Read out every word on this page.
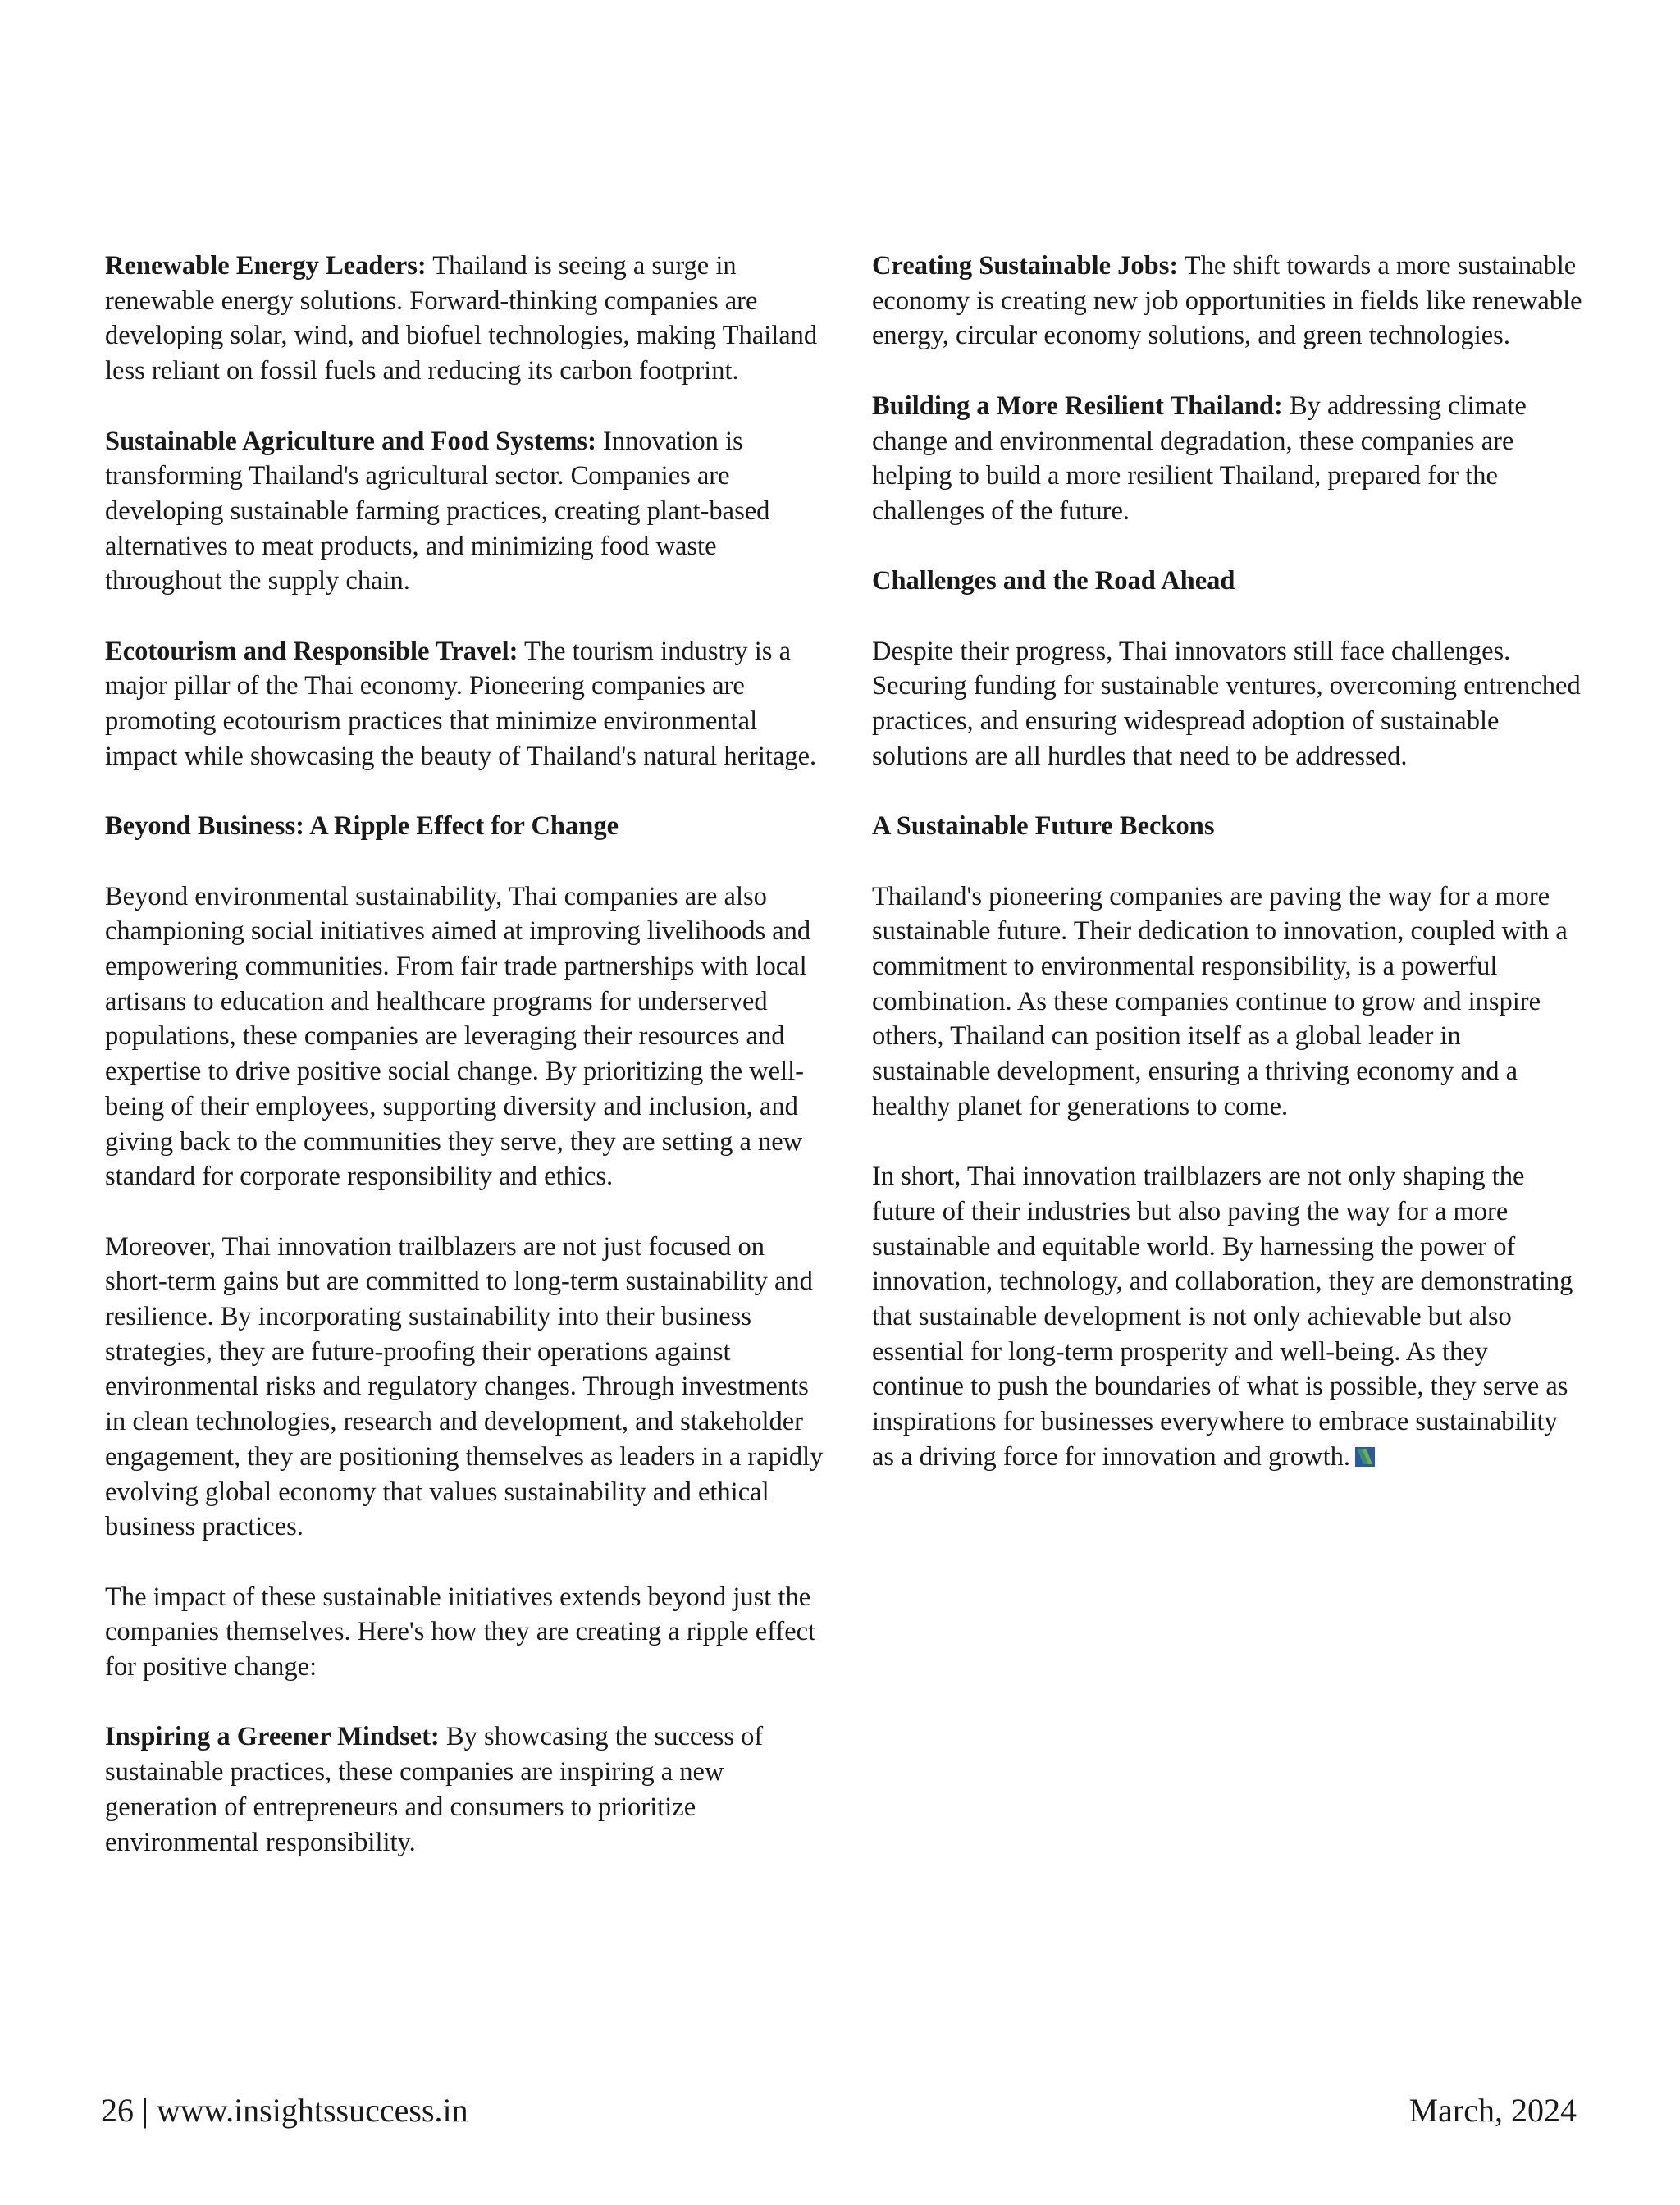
Renewable Energy Leaders: Thailand is seeing a surge in renewable energy solutions. Forward-thinking companies are developing solar, wind, and biofuel technologies, making Thailand less reliant on fossil fuels and reducing its carbon footprint.

Sustainable Agriculture and Food Systems: Innovation is transforming Thailand's agricultural sector. Companies are developing sustainable farming practices, creating plant-based alternatives to meat products, and minimizing food waste throughout the supply chain.

Ecotourism and Responsible Travel: The tourism industry is a major pillar of the Thai economy. Pioneering companies are promoting ecotourism practices that minimize environmental impact while showcasing the beauty of Thailand's natural heritage.

Beyond Business: A Ripple Effect for Change

Beyond environmental sustainability, Thai companies are also championing social initiatives aimed at improving livelihoods and empowering communities. From fair trade partnerships with local artisans to education and healthcare programs for underserved populations, these companies are leveraging their resources and expertise to drive positive social change. By prioritizing the well-being of their employees, supporting diversity and inclusion, and giving back to the communities they serve, they are setting a new standard for corporate responsibility and ethics.

Moreover, Thai innovation trailblazers are not just focused on short-term gains but are committed to long-term sustainability and resilience. By incorporating sustainability into their business strategies, they are future-proofing their operations against environmental risks and regulatory changes. Through investments in clean technologies, research and development, and stakeholder engagement, they are positioning themselves as leaders in a rapidly evolving global economy that values sustainability and ethical business practices.

The impact of these sustainable initiatives extends beyond just the companies themselves. Here's how they are creating a ripple effect for positive change:

Inspiring a Greener Mindset: By showcasing the success of sustainable practices, these companies are inspiring a new generation of entrepreneurs and consumers to prioritize environmental responsibility.

Creating Sustainable Jobs: The shift towards a more sustainable economy is creating new job opportunities in fields like renewable energy, circular economy solutions, and green technologies.

Building a More Resilient Thailand: By addressing climate change and environmental degradation, these companies are helping to build a more resilient Thailand, prepared for the challenges of the future.

Challenges and the Road Ahead

Despite their progress, Thai innovators still face challenges. Securing funding for sustainable ventures, overcoming entrenched practices, and ensuring widespread adoption of sustainable solutions are all hurdles that need to be addressed.

A Sustainable Future Beckons

Thailand's pioneering companies are paving the way for a more sustainable future. Their dedication to innovation, coupled with a commitment to environmental responsibility, is a powerful combination. As these companies continue to grow and inspire others, Thailand can position itself as a global leader in sustainable development, ensuring a thriving economy and a healthy planet for generations to come.

In short, Thai innovation trailblazers are not only shaping the future of their industries but also paving the way for a more sustainable and equitable world. By harnessing the power of innovation, technology, and collaboration, they are demonstrating that sustainable development is not only achievable but also essential for long-term prosperity and well-being. As they continue to push the boundaries of what is possible, they serve as inspirations for businesses everywhere to embrace sustainability as a driving force for innovation and growth.

26 | www.insightssuccess.in	March, 2024
